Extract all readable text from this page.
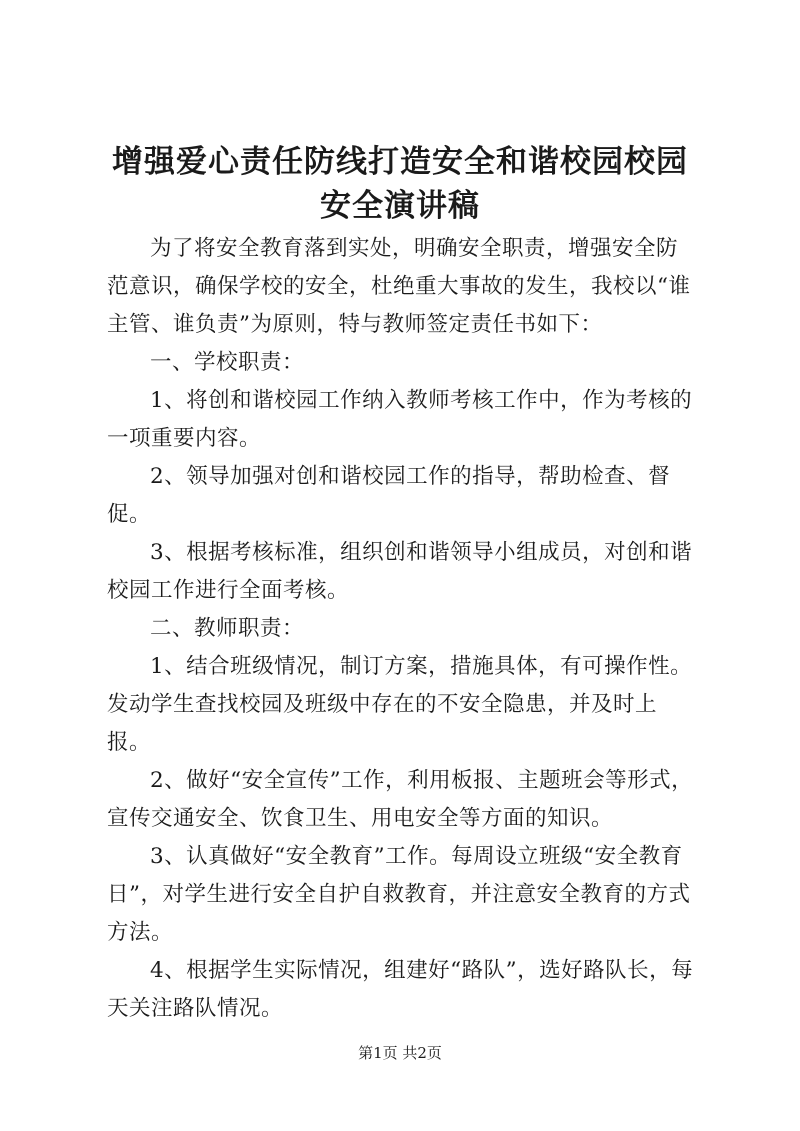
增强爱心责任防线打造安全和谐校园校园安全演讲稿

为了将安全教育落到实处，明确安全职责，增强安全防范意识，确保学校的安全，杜绝重大事故的发生，我校以“谁主管、谁负责”为原则，特与教师签定责任书如下：

一、学校职责：

1、将创和谐校园工作纳入教师考核工作中，作为考核的一项重要内容。

2、领导加强对创和谐校园工作的指导，帮助检查、督促。

3、根据考核标准，组织创和谐领导小组成员，对创和谐校园工作进行全面考核。

二、教师职责：

1、结合班级情况，制订方案，措施具体，有可操作性。发动学生查找校园及班级中存在的不安全隐患，并及时上报。

2、做好“安全宣传”工作，利用板报、主题班会等形式，宣传交通安全、饮食卫生、用电安全等方面的知识。

3、认真做好“安全教育”工作。每周设立班级“安全教育日”，对学生进行安全自护自救教育，并注意安全教育的方式方法。

4、根据学生实际情况，组建好“路队”，选好路队长，每天关注路队情况。

第1页 共2页
